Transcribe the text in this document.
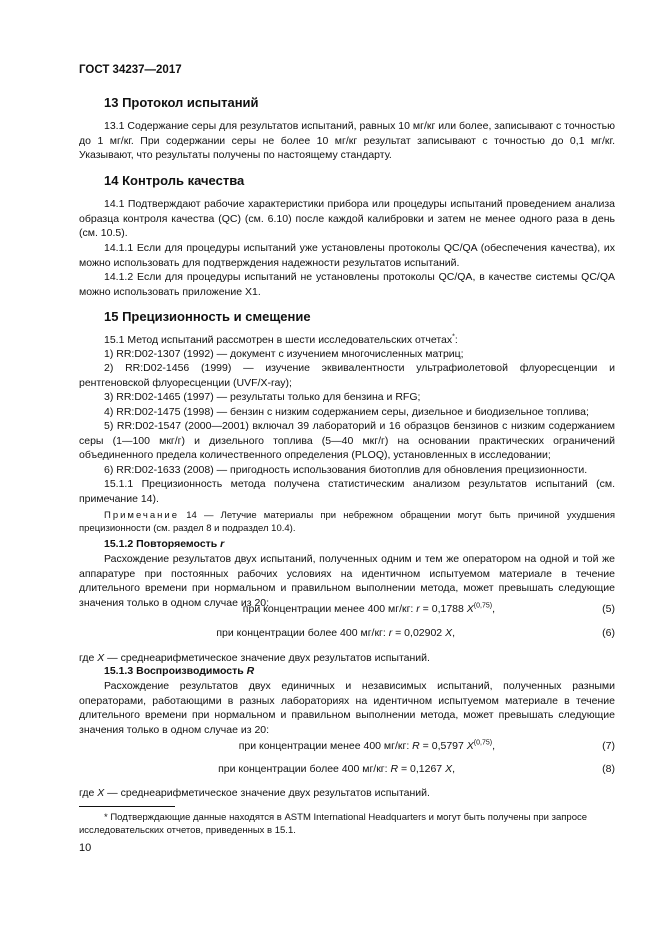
ГОСТ 34237—2017
13 Протокол испытаний
13.1 Содержание серы для результатов испытаний, равных 10 мг/кг или более, записывают с точностью до 1 мг/кг. При содержании серы не более 10 мг/кг результат записывают с точностью до 0,1 мг/кг. Указывают, что результаты получены по настоящему стандарту.
14 Контроль качества
14.1 Подтверждают рабочие характеристики прибора или процедуры испытаний проведением анализа образца контроля качества (QC) (см. 6.10) после каждой калибровки и затем не менее одного раза в день (см. 10.5).
14.1.1 Если для процедуры испытаний уже установлены протоколы QC/QA (обеспечения качества), их можно использовать для подтверждения надежности результатов испытаний.
14.1.2 Если для процедуры испытаний не установлены протоколы QC/QA, в качестве системы QC/QA можно использовать приложение X1.
15 Прецизионность и смещение
15.1 Метод испытаний рассмотрен в шести исследовательских отчетах*:
1) RR:D02-1307 (1992) — документ с изучением многочисленных матриц;
2) RR:D02-1456 (1999) — изучение эквивалентности ультрафиолетовой флуоресценции и рентгеновской флуоресценции (UVF/X-ray);
3) RR:D02-1465 (1997) — результаты только для бензина и RFG;
4) RR:D02-1475 (1998) — бензин с низким содержанием серы, дизельное и биодизельное топлива;
5) RR:D02-1547 (2000—2001) включал 39 лабораторий и 16 образцов бензинов с низким содержанием серы (1—100 мкг/г) и дизельного топлива (5—40 мкг/г) на основании практических ограничений объединенного предела количественного определения (PLOQ), установленных в исследовании;
6) RR:D02-1633 (2008) — пригодность использования биотоплив для обновления прецизионности.
15.1.1 Прецизионность метода получена статистическим анализом результатов испытаний (см. примечание 14).
Примечание 14 — Летучие материалы при небрежном обращении могут быть причиной ухудшения прецизионности (см. раздел 8 и подраздел 10.4).
15.1.2 Повторяемость r
Расхождение результатов двух испытаний, полученных одним и тем же оператором на одной и той же аппаратуре при постоянных рабочих условиях на идентичном испытуемом материале в течение длительного времени при нормальном и правильном выполнении метода, может превышать следующие значения только в одном случае из 20:
при концентрации менее 400 мг/кг: r = 0,1788 X$^{(0,75)}$,	(5)
при концентрации более 400 мг/кг: r = 0,02902 X,	(6)
где X — среднеарифметическое значение двух результатов испытаний.
15.1.3 Воспроизводимость R
Расхождение результатов двух единичных и независимых испытаний, полученных разными операторами, работающими в разных лабораториях на идентичном испытуемом материале в течение длительного времени при нормальном и правильном выполнении метода, может превышать следующие значения только в одном случае из 20:
при концентрации менее 400 мг/кг: R = 0,5797 X$^{(0,75)}$,	(7)
при концентрации более 400 мг/кг: R = 0,1267 X,	(8)
где X — среднеарифметическое значение двух результатов испытаний.
* Подтверждающие данные находятся в ASTM International Headquarters и могут быть получены при запросе исследовательских отчетов, приведенных в 15.1.
10
